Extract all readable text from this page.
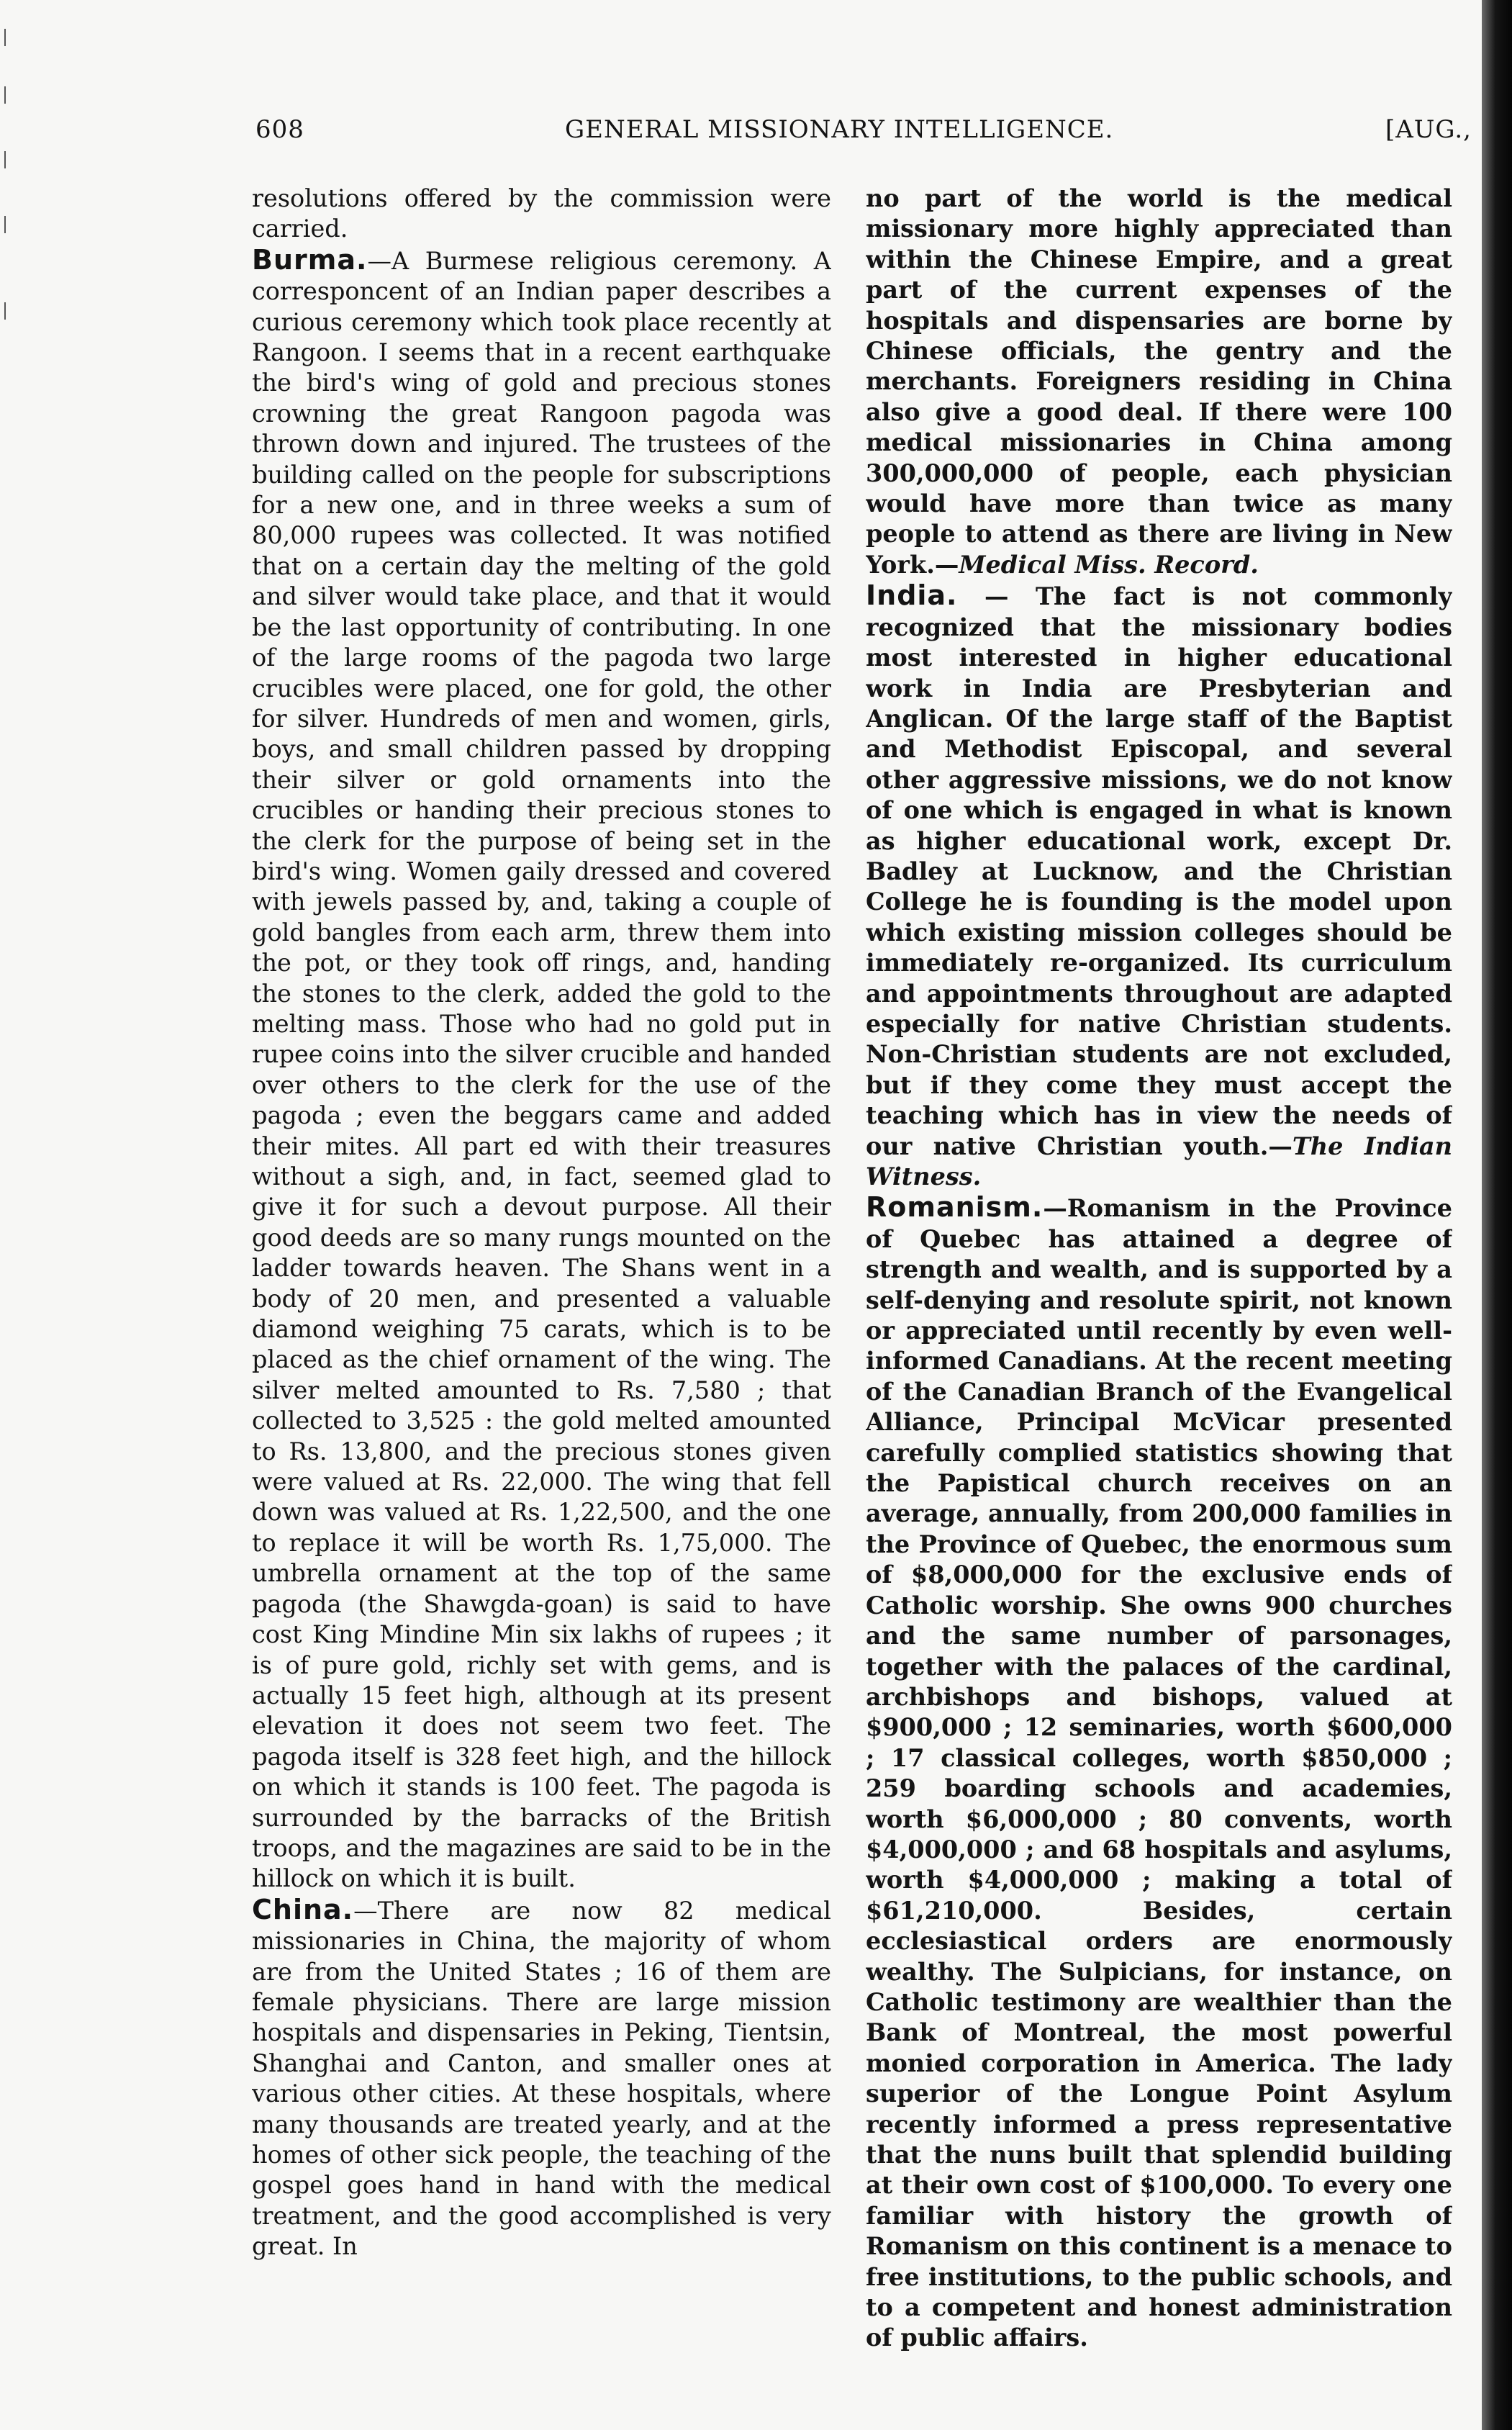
608	GENERAL MISSIONARY INTELLIGENCE.	[AUG.,

resolutions offered by the commission were carried.

Burma.—A Burmese religious ceremony. A corresponcent of an Indian paper describes a curious ceremony which took place recently at Rangoon. I seems that in a recent earthquake the bird's wing of gold and precious stones crowning the great Rangoon pagoda was thrown down and injured. The trustees of the building called on the people for subscriptions for a new one, and in three weeks a sum of 80,000 rupees was collected. It was notified that on a certain day the melting of the gold and silver would take place, and that it would be the last opportunity of contributing. In one of the large rooms of the pagoda two large crucibles were placed, one for gold, the other for silver. Hundreds of men and women, girls, boys, and small children passed by dropping their silver or gold ornaments into the crucibles or handing their precious stones to the clerk for the purpose of being set in the bird's wing. Women gaily dressed and covered with jewels passed by, and, taking a couple of gold bangles from each arm, threw them into the pot, or they took off rings, and, handing the stones to the clerk, added the gold to the melting mass. Those who had no gold put in rupee coins into the silver crucible and handed over others to the clerk for the use of the pagoda ; even the beggars came and added their mites. All part ed with their treasures without a sigh, and, in fact, seemed glad to give it for such a devout purpose. All their good deeds are so many rungs mounted on the ladder towards heaven. The Shans went in a body of 20 men, and presented a valuable diamond weighing 75 carats, which is to be placed as the chief ornament of the wing. The silver melted amounted to Rs. 7,580 ; that collected to 3,525 : the gold melted amounted to Rs. 13,800, and the precious stones given were valued at Rs. 22,000. The wing that fell down was valued at Rs. 1,22,500, and the one to replace it will be worth Rs. 1,75,000. The umbrella ornament at the top of the same pagoda (the Shawgda-goan) is said to have cost King Mindine Min six lakhs of rupees ; it is of pure gold, richly set with gems, and is actually 15 feet high, although at its present elevation it does not seem two feet. The pagoda itself is 328 feet high, and the hillock on which it stands is 100 feet. The pagoda is surrounded by the barracks of the British troops, and the magazines are said to be in the hillock on which it is built.

China.—There are now 82 medical missionaries in China, the majority of whom are from the United States ; 16 of them are female physicians. There are large mission hospitals and dispensaries in Peking, Tientsin, Shanghai and Canton, and smaller ones at various other cities. At these hospitals, where many thousands are treated yearly, and at the homes of other sick people, the teaching of the gospel goes hand in hand with the medical treatment, and the good accomplished is very great. In

no part of the world is the medical missionary more highly appreciated than within the Chinese Empire, and a great part of the current expenses of the hospitals and dispensaries are borne by Chinese officials, the gentry and the merchants. Foreigners residing in China also give a good deal. If there were 100 medical missionaries in China among 300,000,000 of people, each physician would have more than twice as many people to attend as there are living in New York.—Medical Miss. Record.

India. — The fact is not commonly recognized that the missionary bodies most interested in higher educational work in India are Presbyterian and Anglican. Of the large staff of the Baptist and Methodist Episcopal, and several other aggressive missions, we do not know of one which is engaged in what is known as higher educational work, except Dr. Badley at Lucknow, and the Christian College he is founding is the model upon which existing mission colleges should be immediately re-organized. Its curriculum and appointments throughout are adapted especially for native Christian students. Non-Christian students are not excluded, but if they come they must accept the teaching which has in view the needs of our native Christian youth.—The Indian Witness.

Romanism.—Romanism in the Province of Quebec has attained a degree of strength and wealth, and is supported by a self-denying and resolute spirit, not known or appreciated until recently by even well-informed Canadians. At the recent meeting of the Canadian Branch of the Evangelical Alliance, Principal McVicar presented carefully complied statistics showing that the Papistical church receives on an average, annually, from 200,000 families in the Province of Quebec, the enormous sum of $8,000,000 for the exclusive ends of Catholic worship. She owns 900 churches and the same number of parsonages, together with the palaces of the cardinal, archbishops and bishops, valued at $900,000 ; 12 seminaries, worth $600,000 ; 17 classical colleges, worth $850,000 ; 259 boarding schools and academies, worth $6,000,000 ; 80 convents, worth $4,000,000 ; and 68 hospitals and asylums, worth $4,000,000 ; making a total of $61,210,000. Besides, certain ecclesiastical orders are enormously wealthy. The Sulpicians, for instance, on Catholic testimony are wealthier than the Bank of Montreal, the most powerful monied corporation in America. The lady superior of the Longue Point Asylum recently informed a press representative that the nuns built that splendid building at their own cost of $100,000. To every one familiar with history the growth of Romanism on this continent is a menace to free institutions, to the public schools, and to a competent and honest administration of public affairs.
